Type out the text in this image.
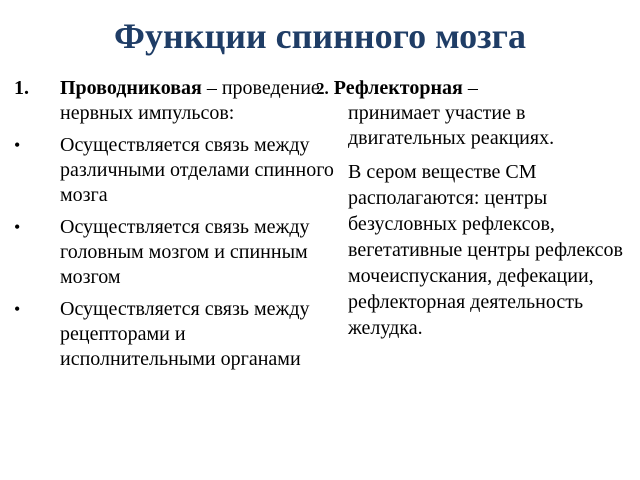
Функции спинного мозга
1.	Проводниковая – проведение нервных импульсов:
•	Осуществляется связь между различными отделами спинного мозга
•	Осуществляется связь между головным мозгом и спинным мозгом
•	Осуществляется связь между рецепторами и исполнительными органами
2. Рефлекторная –
принимает участие в двигательных реакциях.
В сером веществе СМ располагаются: центры безусловных рефлексов, вегетативные центры рефлексов мочеиспускания, дефекации, рефлекторная деятельность желудка.
